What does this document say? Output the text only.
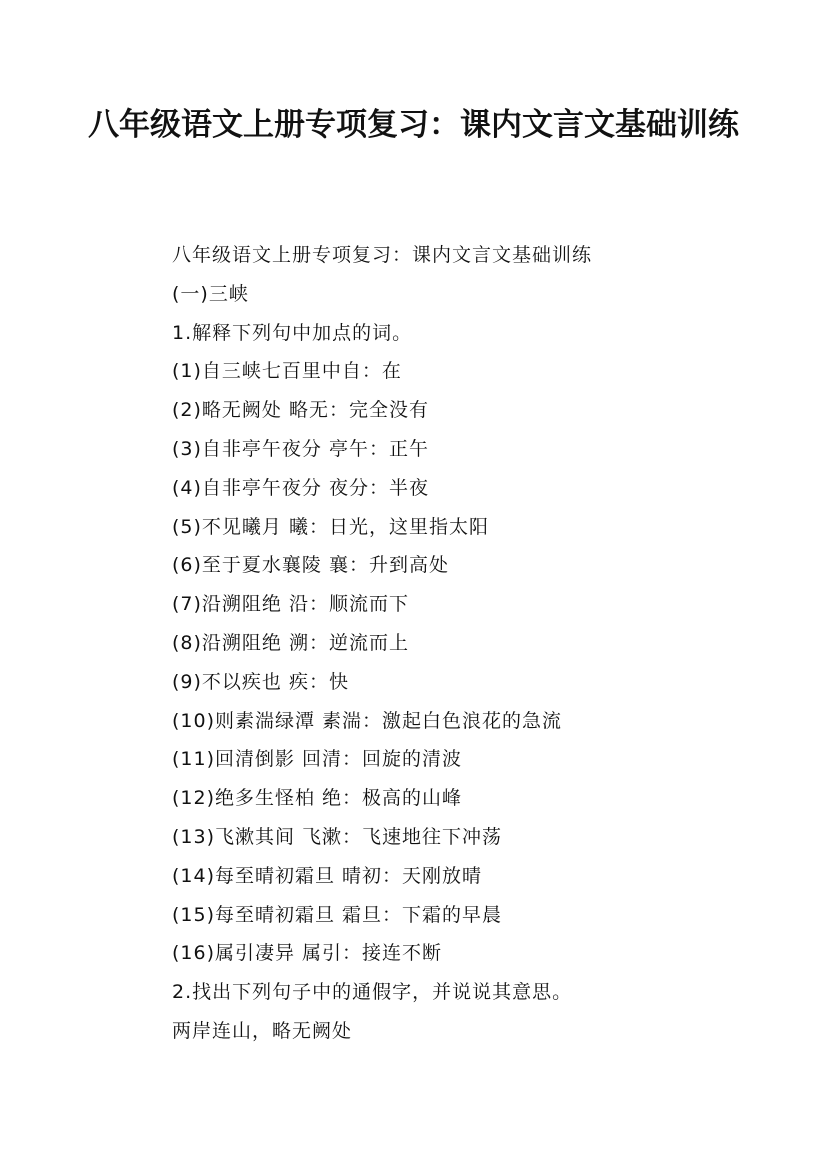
八年级语文上册专项复习：课内文言文基础训练
八年级语文上册专项复习：课内文言文基础训练
(一)三峡
1.解释下列句中加点的词。
(1)自三峡七百里中自：在
(2)略无阙处 略无：完全没有
(3)自非亭午夜分 亭午：正午
(4)自非亭午夜分 夜分：半夜
(5)不见曦月 曦：日光，这里指太阳
(6)至于夏水襄陵 襄：升到高处
(7)沿溯阻绝 沿：顺流而下
(8)沿溯阻绝 溯：逆流而上
(9)不以疾也 疾：快
(10)则素湍绿潭 素湍：激起白色浪花的急流
(11)回清倒影 回清：回旋的清波
(12)绝多生怪柏 绝：极高的山峰
(13)飞漱其间 飞漱：飞速地往下冲荡
(14)每至晴初霜旦 晴初：天刚放晴
(15)每至晴初霜旦 霜旦：下霜的早晨
(16)属引凄异 属引：接连不断
2.找出下列句子中的通假字，并说说其意思。
两岸连山，略无阙处
